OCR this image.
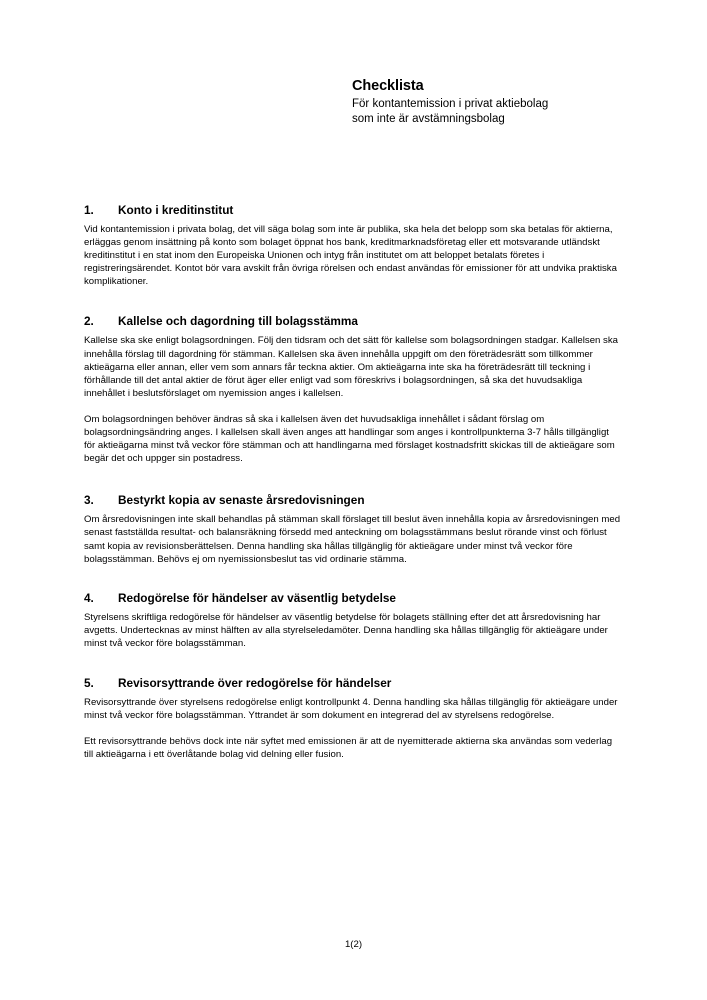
Checklista

För kontantemission i privat aktiebolag

som inte är avstämningsbolag

1. Konto i kreditinstitut

Vid kontantemission i privata bolag, det vill säga bolag som inte är publika, ska hela det belopp som ska betalas för aktierna, erläggas genom insättning på konto som bolaget öppnat hos bank, kreditmarknadsföretag eller ett motsvarande utländskt kreditinstitut i en stat inom den Europeiska Unionen och intyg från institutet om att beloppet betalats företes i registreringsärendet. Kontot bör vara avskilt från övriga rörelsen och endast användas för emissioner för att undvika praktiska komplikationer.

2. Kallelse och dagordning till bolagsstämma

Kallelse ska ske enligt bolagsordningen. Följ den tidsram och det sätt för kallelse som bolagsordningen stadgar. Kallelsen ska innehålla förslag till dagordning för stämman. Kallelsen ska även innehålla uppgift om den företrädesrätt som tillkommer aktieägarna eller annan, eller vem som annars får teckna aktier. Om aktieägarna inte ska ha företrädesrätt till teckning i förhållande till det antal aktier de förut äger eller enligt vad som föreskrivs i bolagsordningen, så ska det huvudsakliga innehållet i beslutsförslaget om nyemission anges i kallelsen.

Om bolagsordningen behöver ändras så ska i kallelsen även det huvudsakliga innehållet i sådant förslag om bolagsordningsändring anges. I kallelsen skall även anges att handlingar som anges i kontrollpunkterna 3-7 hålls tillgängligt för aktieägarna minst två veckor före stämman och att handlingarna med förslaget kostnadsfritt skickas till de aktieägare som begär det och uppger sin postadress.

3. Bestyrkt kopia av senaste årsredovisningen

Om årsredovisningen inte skall behandlas på stämman skall förslaget till beslut även innehålla kopia av årsredovisningen med senast fastställda resultat- och balansräkning försedd med anteckning om bolagsstämmans beslut rörande vinst och förlust samt kopia av revisionsberättelsen. Denna handling ska hållas tillgänglig för aktieägare under minst två veckor före bolagsstämman. Behövs ej om nyemissionsbeslut tas vid ordinarie stämma.

4. Redogörelse för händelser av väsentlig betydelse

Styrelsens skriftliga redogörelse för händelser av väsentlig betydelse för bolagets ställning efter det att årsredovisning har avgetts. Undertecknas av minst hälften av alla styrelseledamöter. Denna handling ska hållas tillgänglig för aktieägare under minst två veckor före bolagsstämman.

5. Revisorsyttrande över redogörelse för händelser

Revisorsyttrande över styrelsens redogörelse enligt kontrollpunkt 4. Denna handling ska hållas tillgänglig för aktieägare under minst två veckor före bolagsstämman. Yttrandet är som dokument en integrerad del av styrelsens redogörelse.

Ett revisorsyttrande behövs dock inte när syftet med emissionen är att de nyemitterade aktierna ska användas som vederlag till aktieägarna i ett överlåtande bolag vid delning eller fusion.

1(2)
